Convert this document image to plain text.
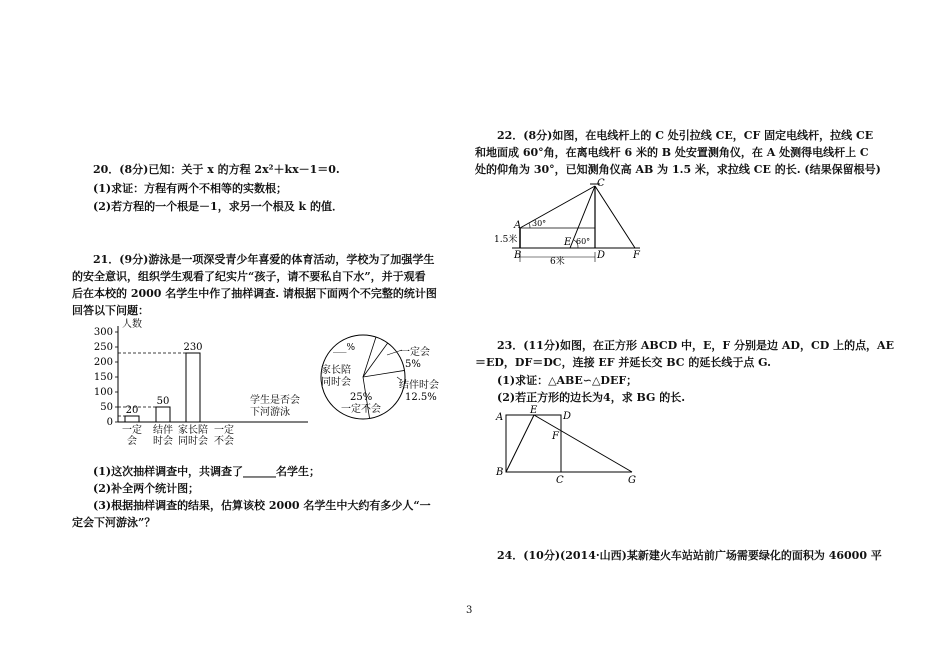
20．(8分)已知：关于 x 的方程 2x²＋kx－1＝0.
(1)求证：方程有两个不相等的实数根；
(2)若方程的一个根是－1，求另一个根及 k 的值．
21．(9分)游泳是一项深受青少年喜爱的体育活动，学校为了加强学生
的安全意识，组织学生观看了纪实片“孩子，请不要私自下水”，并于观看
后在本校的 2000 名学生中作了抽样调查. 请根据下面两个不完整的统计图
回答以下问题：
人数
300
250
200
150
100
50
0
一定
会
20
结伴
时会
50
家长陪
同时会
230
一定
不会
学生是否会
下河游泳
___%
家长陪
同时会
一定会
5%
结伴时会
12.5%
25%
一定不会
(1)这次抽样调查中，共调查了______名学生；
(2)补全两个统计图；
(3)根据抽样调查的结果，估算该校 2000 名学生中大约有多少人“一
定会下河游泳”？
22．(8分)如图，在电线杆上的 C 处引拉线 CE，CF 固定电线杆，拉线 CE
和地面成 60°角，在离电线杆 6 米的 B 处安置测角仪，在 A 处测得电线杆上 C
处的仰角为 30°，已知测角仪高 AB 为 1.5 米，求拉线 CE 的长. (结果保留根号)
C
A
B
E
D	F
30°
60°
1.5米
6米
23．(11分)如图，在正方形 ABCD 中，E，F 分别是边 AD，CD 上的点，AE
＝ED，DF＝DC，连接 EF 并延长交 BC 的延长线于点 G.
(1)求证：△ABE∽△DEF；
(2)若正方形的边长为4，求 BG 的长.
A
E
D
F
B
C	G
24．(10分)(2014·山西)某新建火车站站前广场需要绿化的面积为 46000 平
3
